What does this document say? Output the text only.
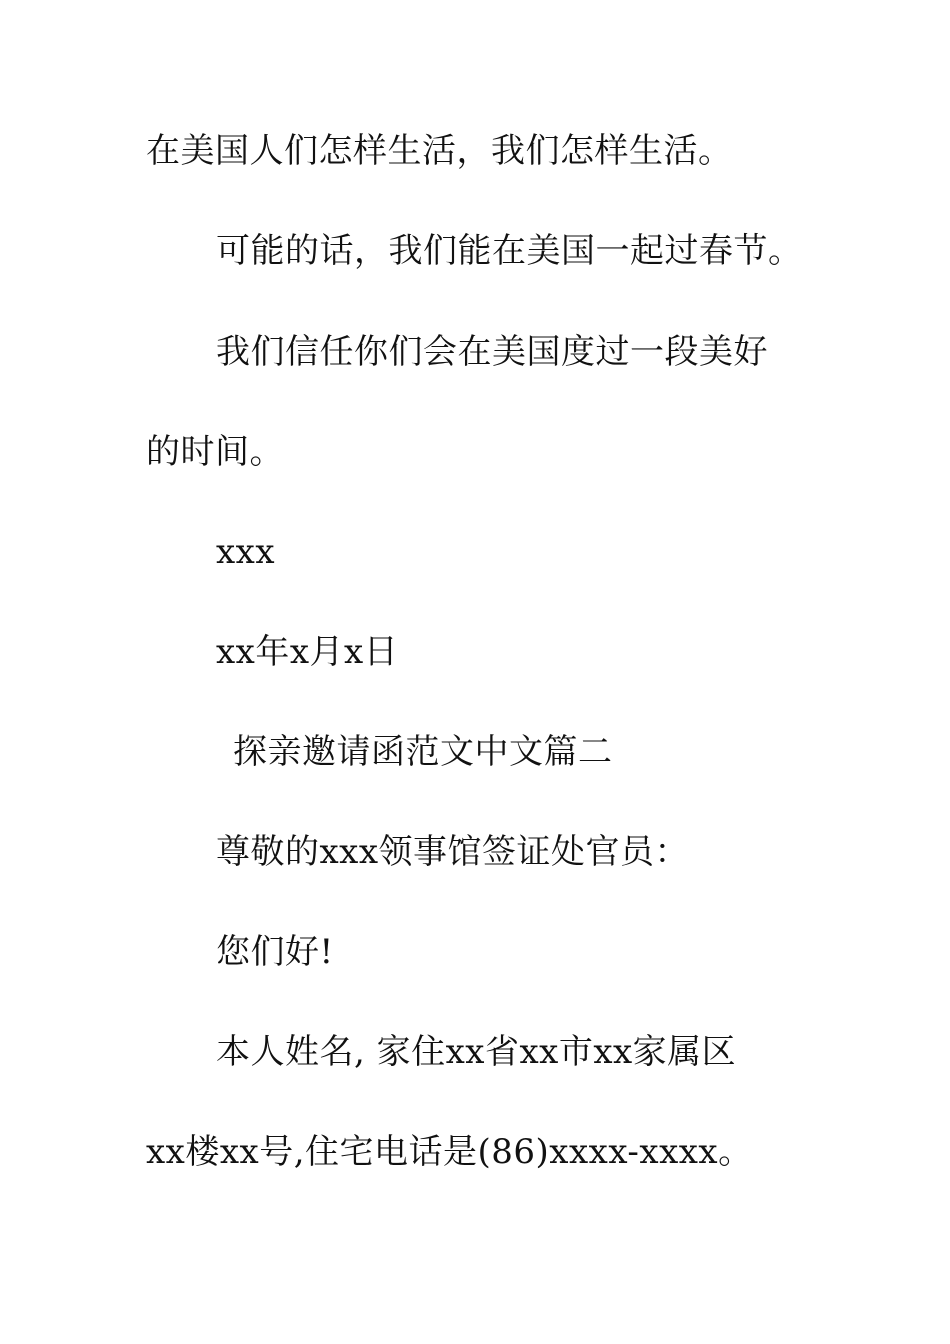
在美国人们怎样生活，我们怎样生活。
可能的话，我们能在美国一起过春节。
我们信任你们会在美国度过一段美好
的时间。
xxx
xx年x月x日
探亲邀请函范文中文篇二
尊敬的xxx领事馆签证处官员：
您们好!
本人姓名, 家住xx省xx市xx家属区
xx楼xx号,住宅电话是(86)xxxx-xxxx。
